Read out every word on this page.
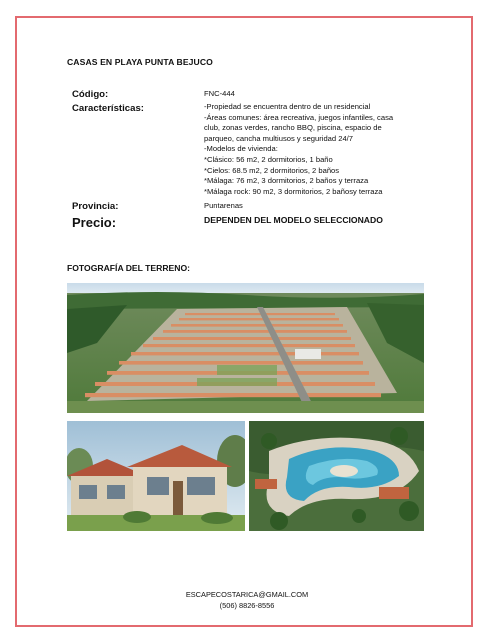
CASAS EN PLAYA PUNTA BEJUCO
Código:	FNC-444
Características:	-Propiedad se encuentra dentro de un residencial
-Áreas comunes: área recreativa, juegos infantiles, casa
club, zonas verdes, rancho BBQ, piscina, espacio de
parqueo, cancha multiusos y seguridad 24/7
-Modelos de vivienda:
*Clásico: 56 m2, 2 dormitorios, 1 baño
*Cielos: 68.5 m2, 2 dormitorios, 2 baños
*Málaga: 76 m2, 3 dormitorios, 2 baños y terraza
*Málaga rock: 90 m2, 3 dormitorios, 2 bañosy terraza
Provincia:	Puntarenas
Precio:	DEPENDEN DEL MODELO SELECCIONADO
FOTOGRAFÍA DEL TERRENO:
ESCAPECOSTARICA@GMAIL.COM
(506) 8826-8556
